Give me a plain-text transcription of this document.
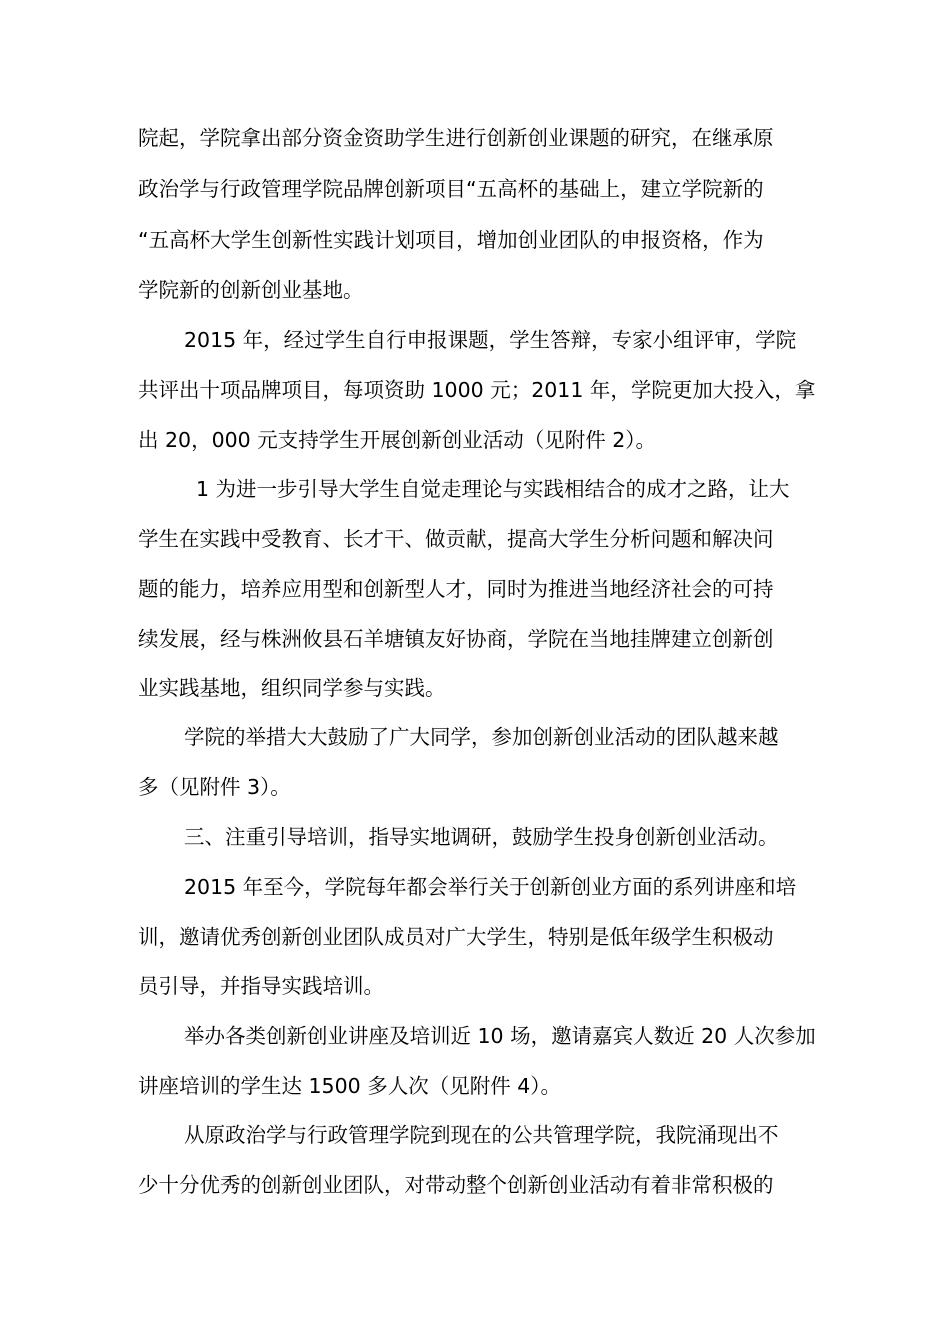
院起，学院拿出部分资金资助学生进行创新创业课题的研究，在继承原
政治学与行政管理学院品牌创新项目“五高杯的基础上，建立学院新的
“五高杯大学生创新性实践计划项目，增加创业团队的申报资格，作为
学院新的创新创业基地。
2015 年，经过学生自行申报课题，学生答辩，专家小组评审，学院
共评出十项品牌项目，每项资助 1000 元；2011 年，学院更加大投入，拿
出 20，000 元支持学生开展创新创业活动（见附件 2）。
1 为进一步引导大学生自觉走理论与实践相结合的成才之路，让大
学生在实践中受教育、长才干、做贡献，提高大学生分析问题和解决问
题的能力，培养应用型和创新型人才，同时为推进当地经济社会的可持
续发展，经与株洲攸县石羊塘镇友好协商，学院在当地挂牌建立创新创
业实践基地，组织同学参与实践。
学院的举措大大鼓励了广大同学，参加创新创业活动的团队越来越
多（见附件 3）。
三、注重引导培训，指导实地调研，鼓励学生投身创新创业活动。
2015 年至今，学院每年都会举行关于创新创业方面的系列讲座和培
训，邀请优秀创新创业团队成员对广大学生，特别是低年级学生积极动
员引导，并指导实践培训。
举办各类创新创业讲座及培训近 10 场，邀请嘉宾人数近 20 人次参加
讲座培训的学生达 1500 多人次（见附件 4）。
从原政治学与行政管理学院到现在的公共管理学院，我院涌现出不
少十分优秀的创新创业团队，对带动整个创新创业活动有着非常积极的
